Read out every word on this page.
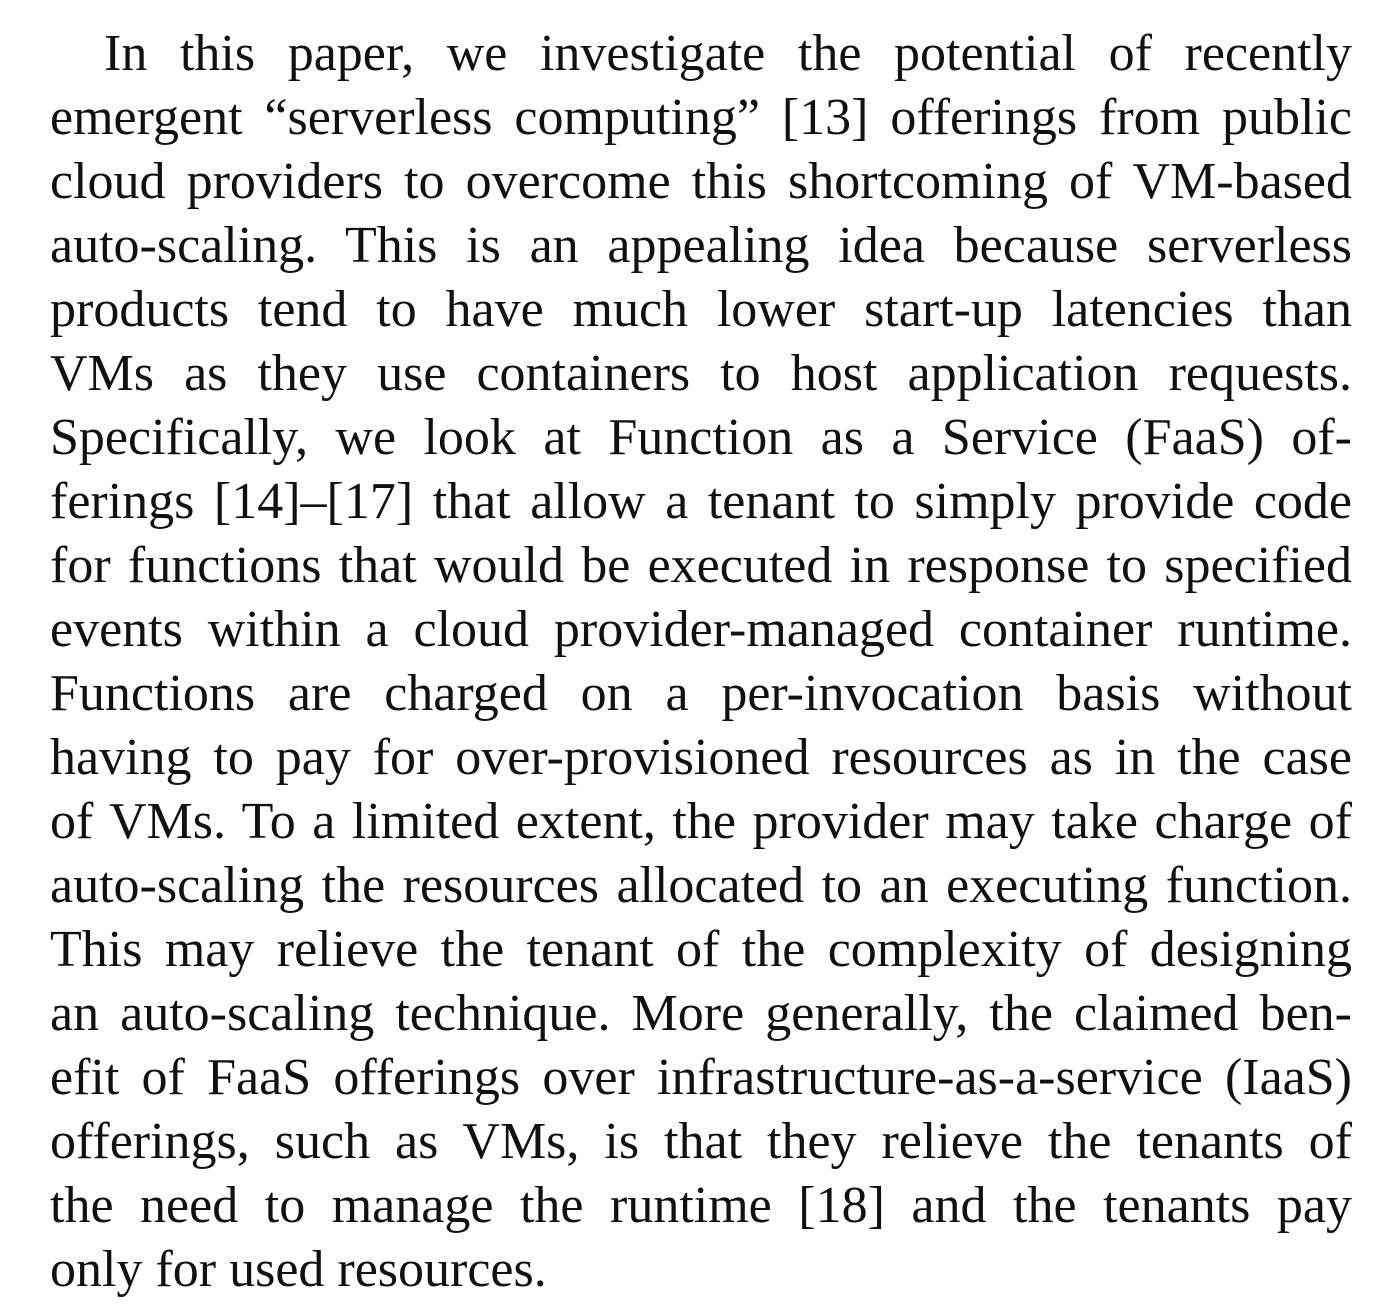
In this paper, we investigate the potential of recently
emergent “serverless computing” [13] offerings from public
cloud providers to overcome this shortcoming of VM-based
auto-scaling. This is an appealing idea because serverless
products tend to have much lower start-up latencies than
VMs as they use containers to host application requests.
Specifically, we look at Function as a Service (FaaS) of-
ferings [14]–[17] that allow a tenant to simply provide code
for functions that would be executed in response to specified
events within a cloud provider-managed container runtime.
Functions are charged on a per-invocation basis without
having to pay for over-provisioned resources as in the case
of VMs. To a limited extent, the provider may take charge of
auto-scaling the resources allocated to an executing function.
This may relieve the tenant of the complexity of designing
an auto-scaling technique. More generally, the claimed ben-
efit of FaaS offerings over infrastructure-as-a-service (IaaS)
offerings, such as VMs, is that they relieve the tenants of
the need to manage the runtime [18] and the tenants pay
only for used resources.
